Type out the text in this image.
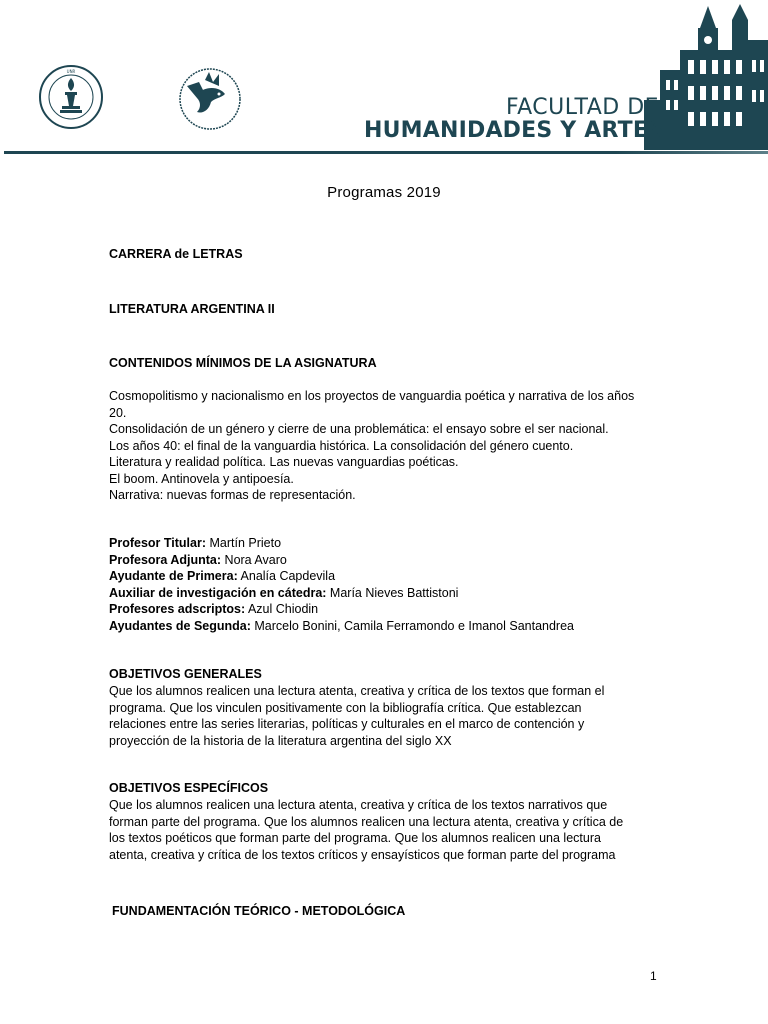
UNR
FACULTAD DE
HUMANIDADES Y ARTES
Programas 2019
CARRERA de LETRAS
LITERATURA ARGENTINA II
CONTENIDOS MÍNIMOS DE LA ASIGNATURA
Cosmopolitismo y nacionalismo en los proyectos de vanguardia poética y narrativa de los años
20.
Consolidación de un género y cierre de una problemática: el ensayo sobre el ser nacional.
Los años 40: el final de la vanguardia histórica. La consolidación del género cuento.
Literatura y realidad política. Las nuevas vanguardias poéticas.
El boom. Antinovela y antipoesía.
Narrativa: nuevas formas de representación.
Profesor Titular: Martín Prieto
Profesora Adjunta: Nora Avaro
Ayudante de Primera: Analía Capdevila
Auxiliar de investigación en cátedra: María Nieves Battistoni
Profesores adscriptos: Azul Chiodin
Ayudantes de Segunda: Marcelo Bonini, Camila Ferramondo e Imanol Santandrea
OBJETIVOS GENERALES
Que los alumnos realicen una lectura atenta, creativa y crítica de los textos que forman el
programa. Que los vinculen positivamente con la bibliografía crítica. Que establezcan
relaciones entre las series literarias, políticas y culturales en el marco de contención y
proyección de la historia de la literatura argentina del siglo XX
OBJETIVOS ESPECÍFICOS
Que los alumnos realicen una lectura atenta, creativa y crítica de los textos narrativos que
forman parte del programa. Que los alumnos realicen una lectura atenta, creativa y crítica de
los textos poéticos que forman parte del programa. Que los alumnos realicen una lectura
atenta, creativa y crítica de los textos críticos y ensayísticos que forman parte del programa
FUNDAMENTACIÓN TEÓRICO - METODOLÓGICA
1
